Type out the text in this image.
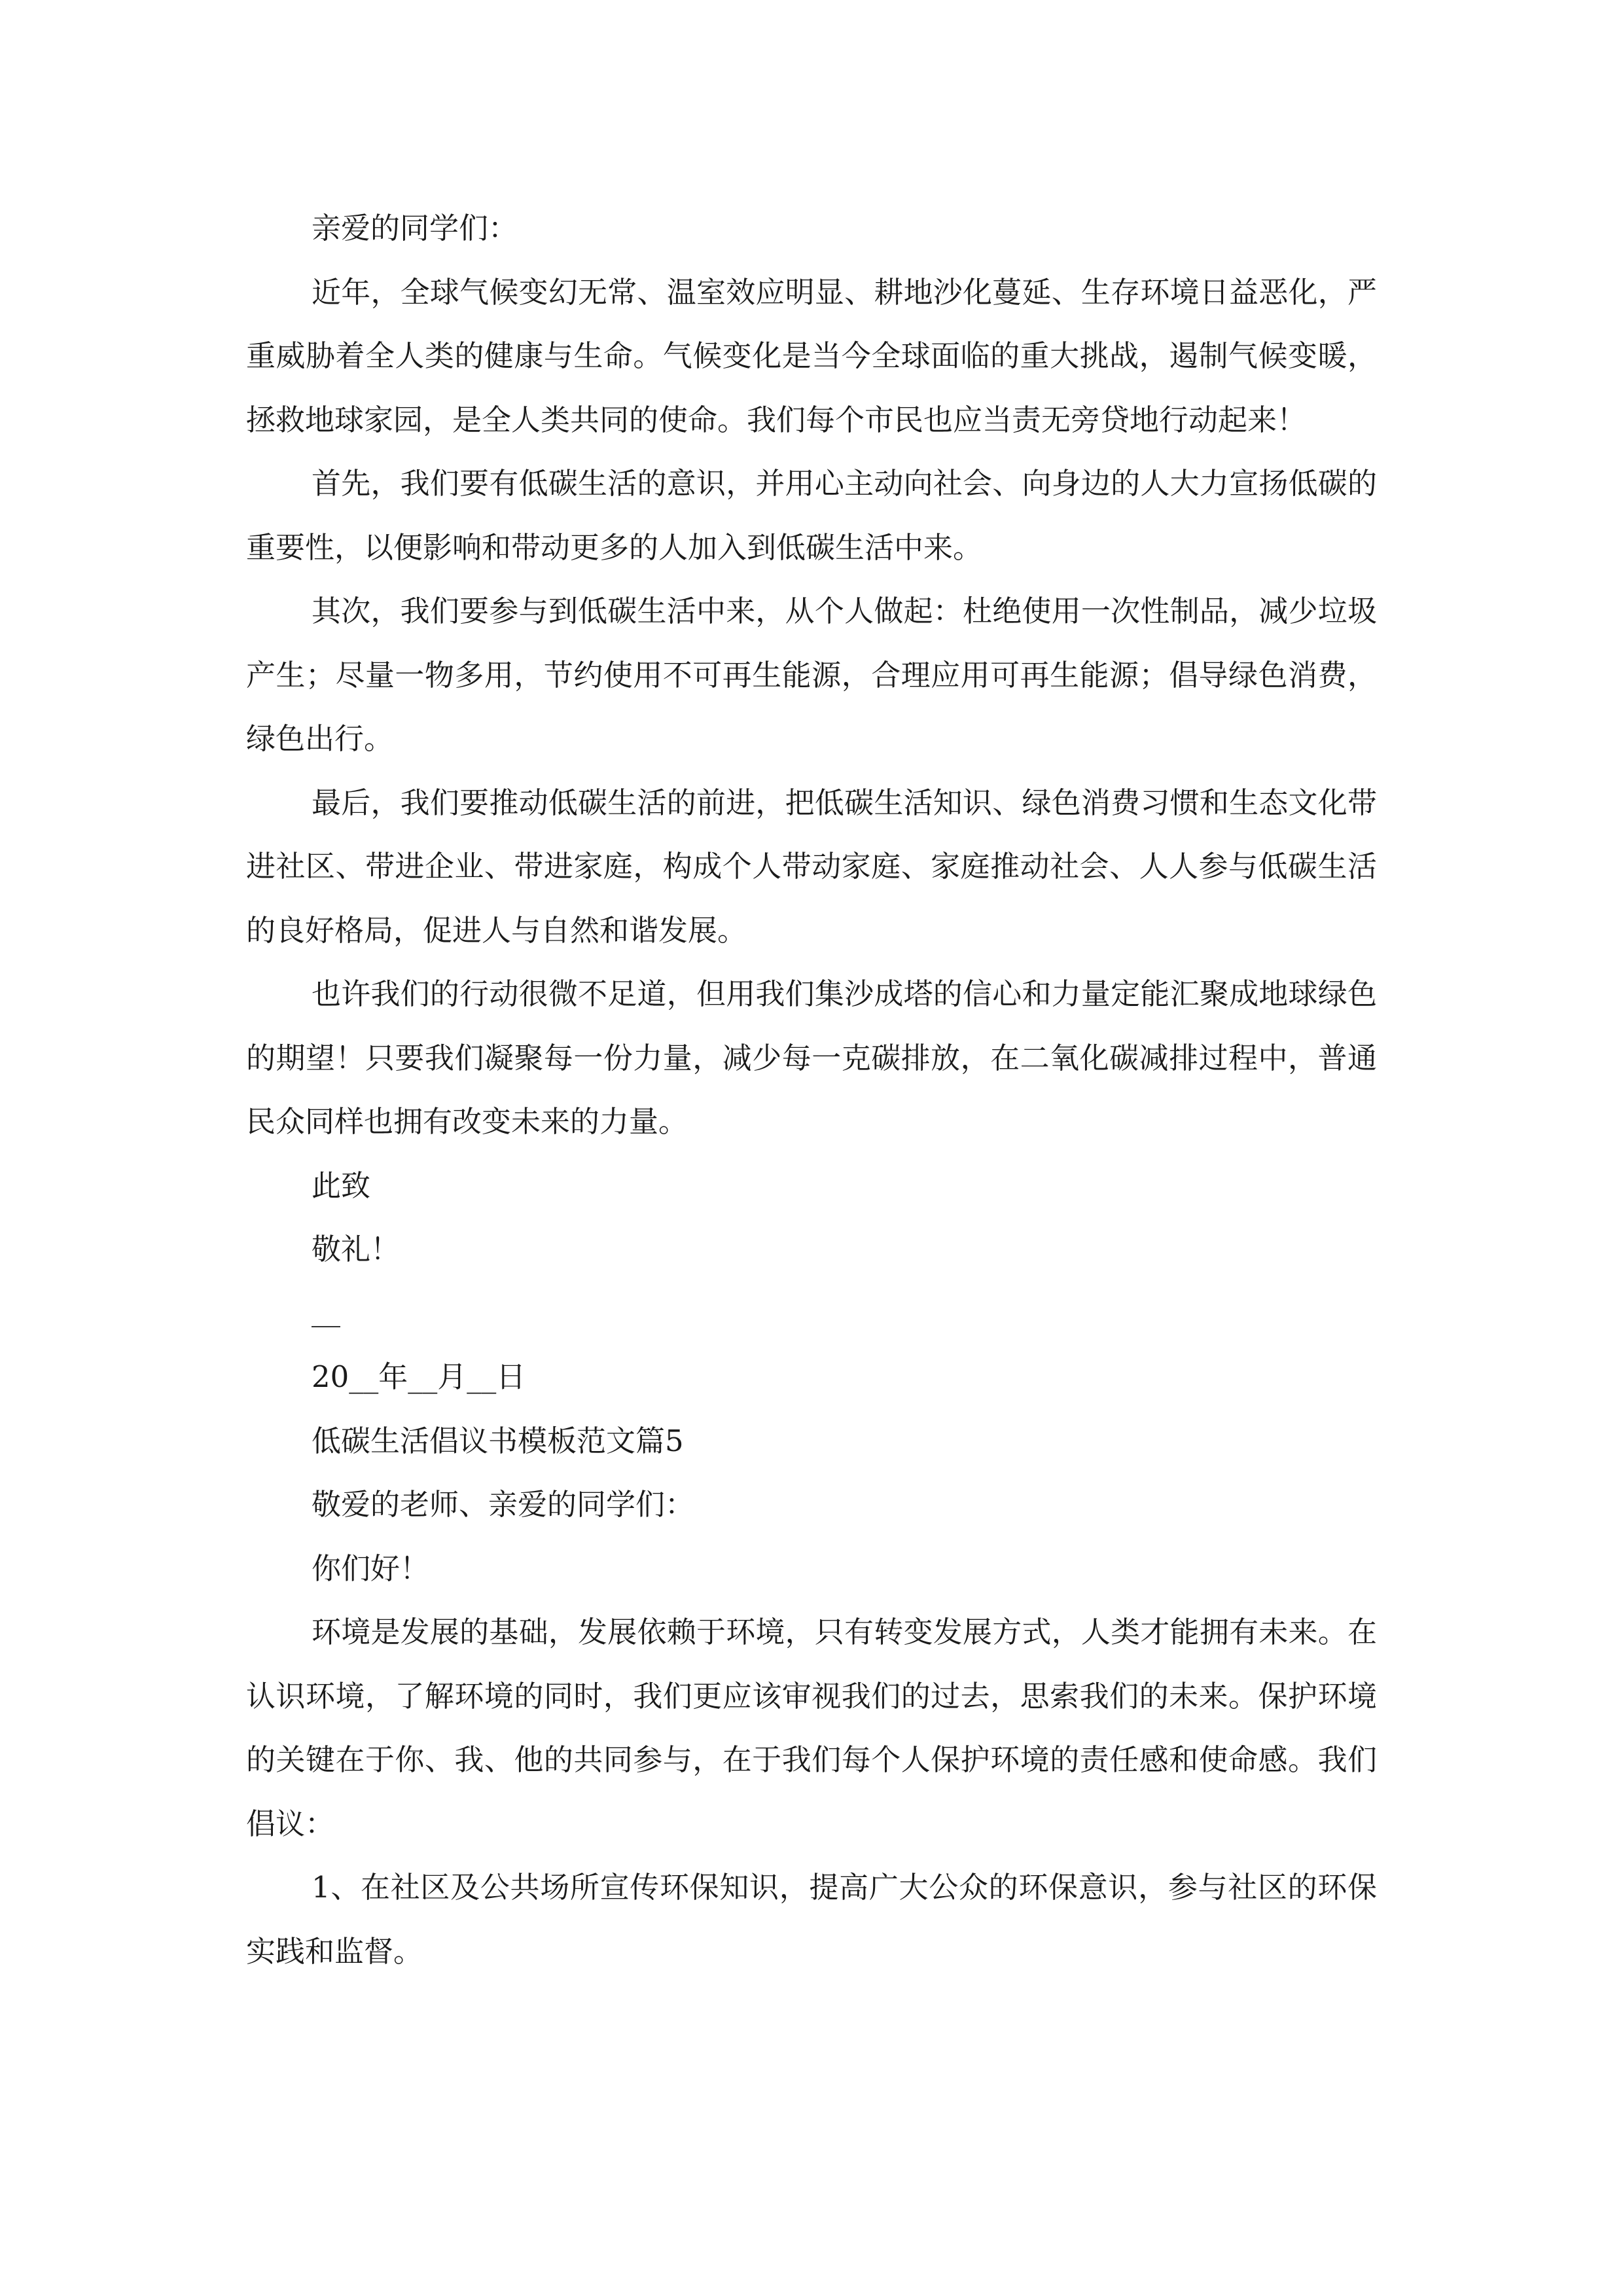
亲爱的同学们：

近年，全球气候变幻无常、温室效应明显、耕地沙化蔓延、生存环境日益恶化，严重威胁着全人类的健康与生命。气候变化是当今全球面临的重大挑战，遏制气候变暖，拯救地球家园，是全人类共同的使命。我们每个市民也应当责无旁贷地行动起来！

首先，我们要有低碳生活的意识，并用心主动向社会、向身边的人大力宣扬低碳的重要性，以便影响和带动更多的人加入到低碳生活中来。

其次，我们要参与到低碳生活中来，从个人做起：杜绝使用一次性制品，减少垃圾产生；尽量一物多用，节约使用不可再生能源，合理应用可再生能源；倡导绿色消费，绿色出行。

最后，我们要推动低碳生活的前进，把低碳生活知识、绿色消费习惯和生态文化带进社区、带进企业、带进家庭，构成个人带动家庭、家庭推动社会、人人参与低碳生活的良好格局，促进人与自然和谐发展。

也许我们的行动很微不足道，但用我们集沙成塔的信心和力量定能汇聚成地球绿色的期望！只要我们凝聚每一份力量，减少每一克碳排放，在二氧化碳减排过程中，普通民众同样也拥有改变未来的力量。

此致

敬礼！

20__年__月__日

低碳生活倡议书模板范文篇5

敬爱的老师、亲爱的同学们：

你们好！

环境是发展的基础，发展依赖于环境，只有转变发展方式，人类才能拥有未来。在认识环境，了解环境的同时，我们更应该审视我们的过去，思索我们的未来。保护环境的关键在于你、我、他的共同参与，在于我们每个人保护环境的责任感和使命感。我们倡议：

1、在社区及公共场所宣传环保知识，提高广大公众的环保意识，参与社区的环保实践和监督。
